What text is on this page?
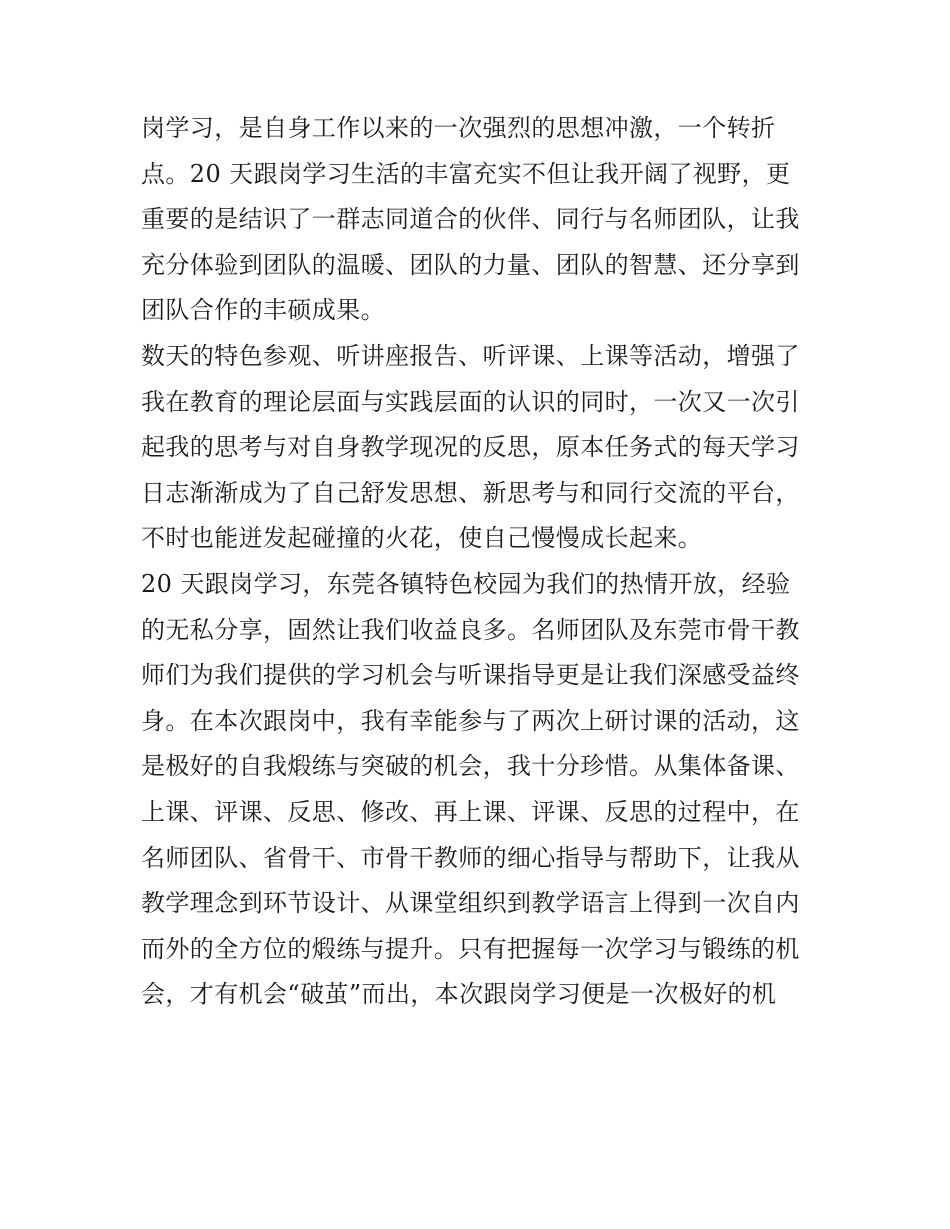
岗学习，是自身工作以来的一次强烈的思想冲激，一个转折
点。20 天跟岗学习生活的丰富充实不但让我开阔了视野，更
重要的是结识了一群志同道合的伙伴、同行与名师团队，让我
充分体验到团队的温暖、团队的力量、团队的智慧、还分享到
团队合作的丰硕成果。
数天的特色参观、听讲座报告、听评课、上课等活动，增强了
我在教育的理论层面与实践层面的认识的同时，一次又一次引
起我的思考与对自身教学现况的反思，原本任务式的每天学习
日志渐渐成为了自己舒发思想、新思考与和同行交流的平台，
不时也能迸发起碰撞的火花，使自己慢慢成长起来。
20 天跟岗学习，东莞各镇特色校园为我们的热情开放，经验
的无私分享，固然让我们收益良多。名师团队及东莞市骨干教
师们为我们提供的学习机会与听课指导更是让我们深感受益终
身。在本次跟岗中，我有幸能参与了两次上研讨课的活动，这
是极好的自我煅练与突破的机会，我十分珍惜。从集体备课、
上课、评课、反思、修改、再上课、评课、反思的过程中，在
名师团队、省骨干、市骨干教师的细心指导与帮助下，让我从
教学理念到环节设计、从课堂组织到教学语言上得到一次自内
而外的全方位的煅练与提升。只有把握每一次学习与锻练的机
会，才有机会“破茧”而出，本次跟岗学习便是一次极好的机
